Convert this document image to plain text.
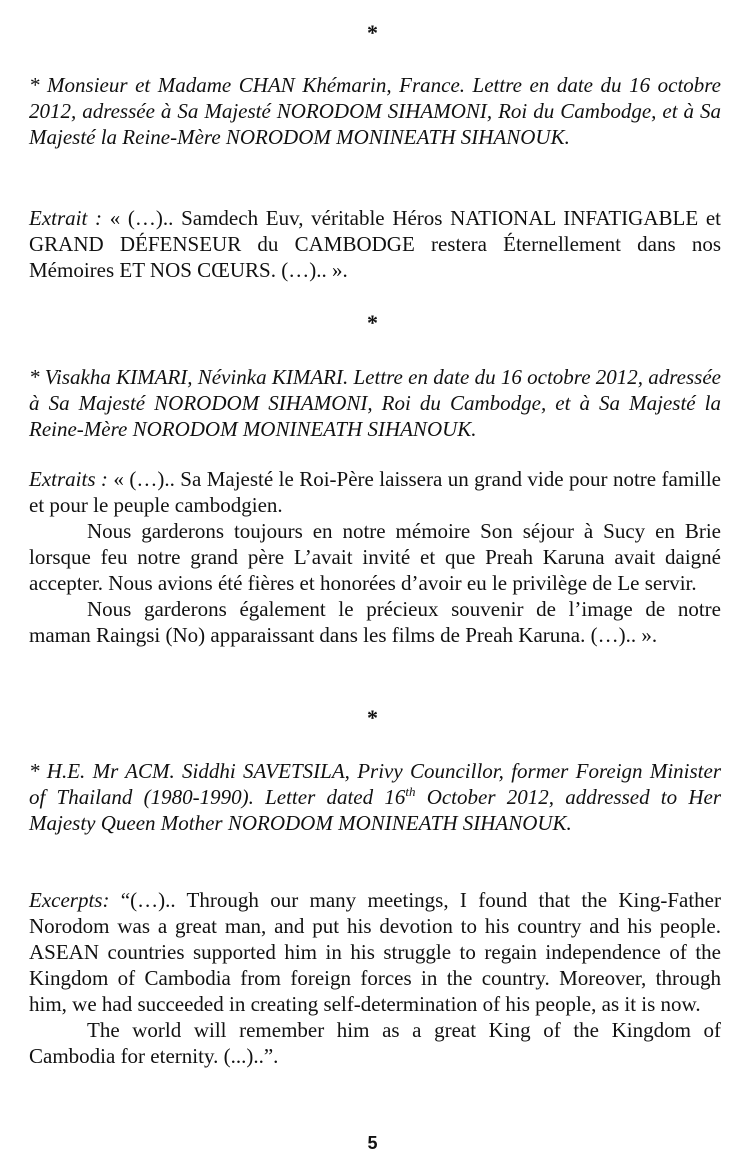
*
* Monsieur et Madame CHAN Khémarin, France. Lettre en date du 16 octobre 2012, adressée à Sa Majesté NORODOM SIHAMONI, Roi du Cambodge, et à Sa Majesté la Reine-Mère NORODOM MONINEATH SIHANOUK.

Extrait : « (…).. Samdech Euv, véritable Héros NATIONAL INFATIGABLE et GRAND DÉFENSEUR du CAMBODGE restera Éternellement dans nos Mémoires ET NOS CŒURS. (…).. ».

*
* Visakha KIMARI, Névinka KIMARI. Lettre en date du 16 octobre 2012, adressée à Sa Majesté NORODOM SIHAMONI, Roi du Cambodge, et à Sa Majesté la Reine-Mère NORODOM MONINEATH SIHANOUK.

Extraits : « (…).. Sa Majesté le Roi-Père laissera un grand vide pour notre famille et pour le peuple cambodgien.

Nous garderons toujours en notre mémoire Son séjour à Sucy en Brie lorsque feu notre grand père L’avait invité et que Preah Karuna avait daigné accepter. Nous avions été fières et honorées d’avoir eu le privilège de Le servir.

Nous garderons également le précieux souvenir de l’image de notre maman Raingsi (No) apparaissant dans les films de Preah Karuna. (…).. ».

*
* H.E. Mr ACM. Siddhi SAVETSILA, Privy Councillor, former Foreign Minister of Thailand (1980-1990). Letter dated 16th October 2012, addressed to Her Majesty Queen Mother NORODOM MONINEATH SIHANOUK.

Excerpts: “(…).. Through our many meetings, I found that the King-Father Norodom was a great man, and put his devotion to his country and his people. ASEAN countries supported him in his struggle to regain independence of the Kingdom of Cambodia from foreign forces in the country. Moreover, through him, we had succeeded in creating self-determination of his people, as it is now.

The world will remember him as a great King of the Kingdom of Cambodia for eternity. (...)..”.

5
